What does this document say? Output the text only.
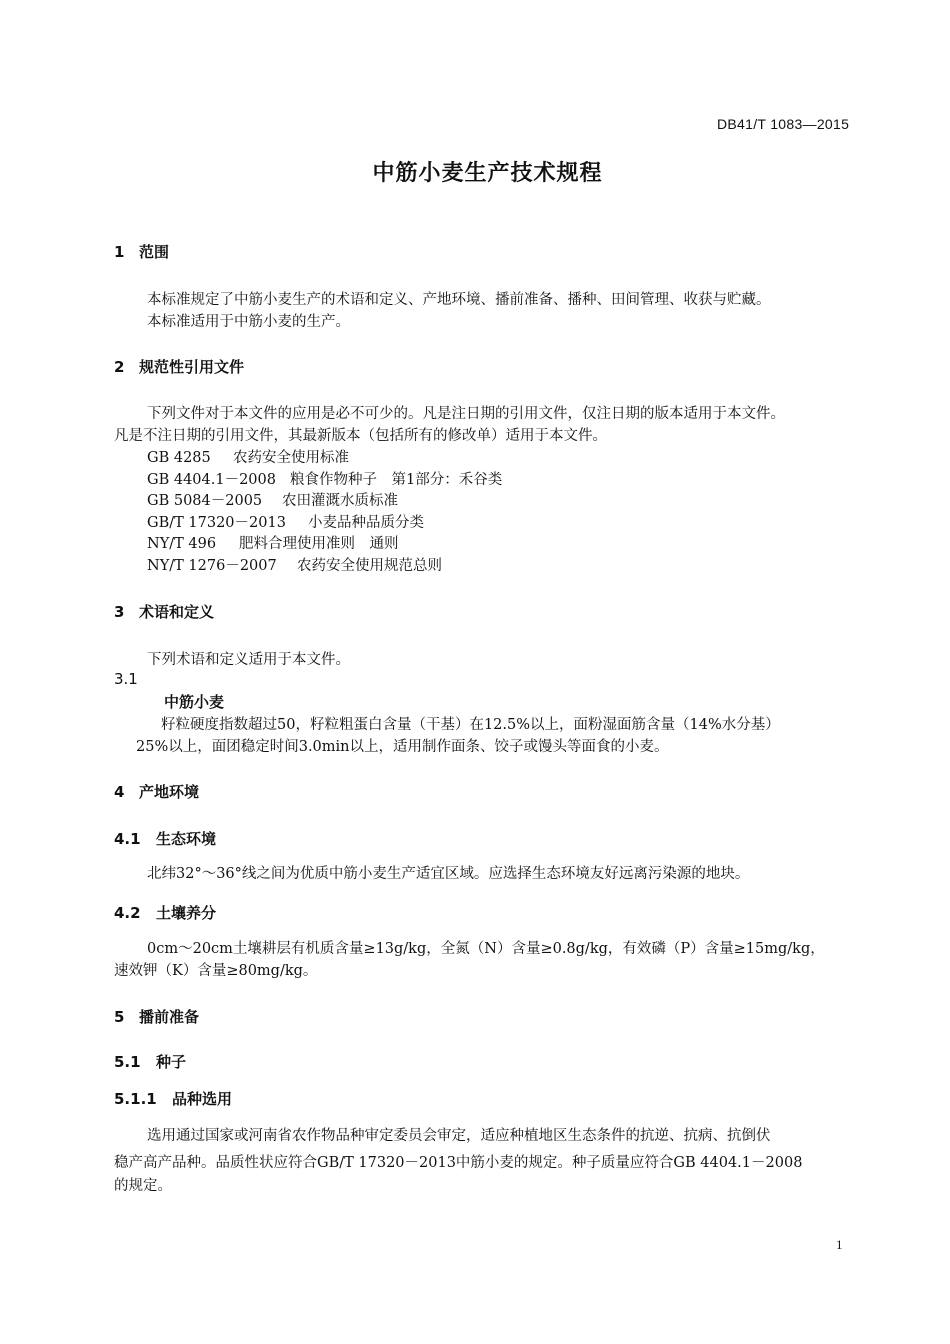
DB41/T 1083—2015
中筋小麦生产技术规程
1 范围
本标准规定了中筋小麦生产的术语和定义、产地环境、播前准备、播种、田间管理、收获与贮藏。
本标准适用于中筋小麦的生产。
2 规范性引用文件
下列文件对于本文件的应用是必不可少的。凡是注日期的引用文件，仅注日期的版本适用于本文件。
凡是不注日期的引用文件，其最新版本（包括所有的修改单）适用于本文件。
GB 4285 农药安全使用标准
GB 4404.1－2008 粮食作物种子　第1部分：禾谷类
GB 5084－2005 农田灌溉水质标准
GB/T 17320－2013 小麦品种品质分类
NY/T 496 肥料合理使用准则　通则
NY/T 1276－2007 农药安全使用规范总则
3 术语和定义
下列术语和定义适用于本文件。
3.1
中筋小麦
籽粒硬度指数超过50，籽粒粗蛋白含量（干基）在12.5%以上，面粉湿面筋含量（14%水分基）
25%以上，面团稳定时间3.0min以上，适用制作面条、饺子或馒头等面食的小麦。
4 产地环境
4.1 生态环境
北纬32°～36°线之间为优质中筋小麦生产适宜区域。应选择生态环境友好远离污染源的地块。
4.2 土壤养分
0cm～20cm土壤耕层有机质含量≥13g/kg，全氮（N）含量≥0.8g/kg，有效磷（P）含量≥15mg/kg，
速效钾（K）含量≥80mg/kg。
5 播前准备
5.1 种子
5.1.1 品种选用
选用通过国家或河南省农作物品种审定委员会审定，适应种植地区生态条件的抗逆、抗病、抗倒伏
稳产高产品种。品质性状应符合GB/T 17320－2013中筋小麦的规定。种子质量应符合GB 4404.1－2008
的规定。
1
